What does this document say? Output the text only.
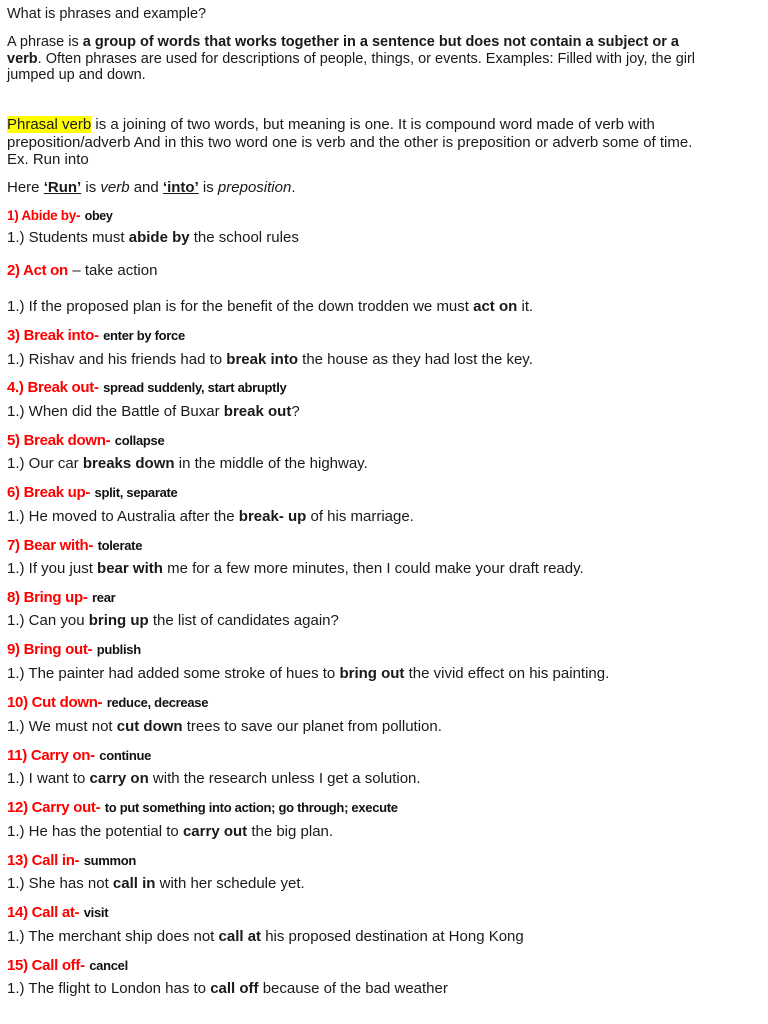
What is phrases and example?
A phrase is a group of words that works together in a sentence but does not contain a subject or a
verb. Often phrases are used for descriptions of people, things, or events. Examples: Filled with joy, the girl
jumped up and down.
Phrasal verb is a joining of two words, but meaning is one. It is compound word made of verb with
preposition/adverb And in this two word one is verb and the other is preposition or adverb some of time.
Ex. Run into
Here ‘Run’ is verb and ‘into’ is preposition.
1) Abide by- obey
1.) Students must abide by the school rules
2) Act on – take action
1.) If the proposed plan is for the benefit of the down trodden we must act on it.
3) Break into- enter by force
1.) Rishav and his friends had to break into the house as they had lost the key.
4.) Break out- spread suddenly, start abruptly
1.) When did the Battle of Buxar break out?
5) Break down- collapse
1.) Our car breaks down in the middle of the highway.
6) Break up- split, separate
1.) He moved to Australia after the break- up of his marriage.
7) Bear with- tolerate
1.) If you just bear with me for a few more minutes, then I could make your draft ready.
8) Bring up- rear
1.) Can you bring up the list of candidates again?
9) Bring out- publish
1.) The painter had added some stroke of hues to bring out the vivid effect on his painting.
10) Cut down- reduce, decrease
1.) We must not cut down trees to save our planet from pollution.
11) Carry on- continue
1.) I want to carry on with the research unless I get a solution.
12) Carry out- to put something into action; go through; execute
1.) He has the potential to carry out the big plan.
13) Call in- summon
1.) She has not call in with her schedule yet.
14) Call at- visit
1.) The merchant ship does not call at his proposed destination at Hong Kong
15) Call off- cancel
1.) The flight to London has to call off because of the bad weather
